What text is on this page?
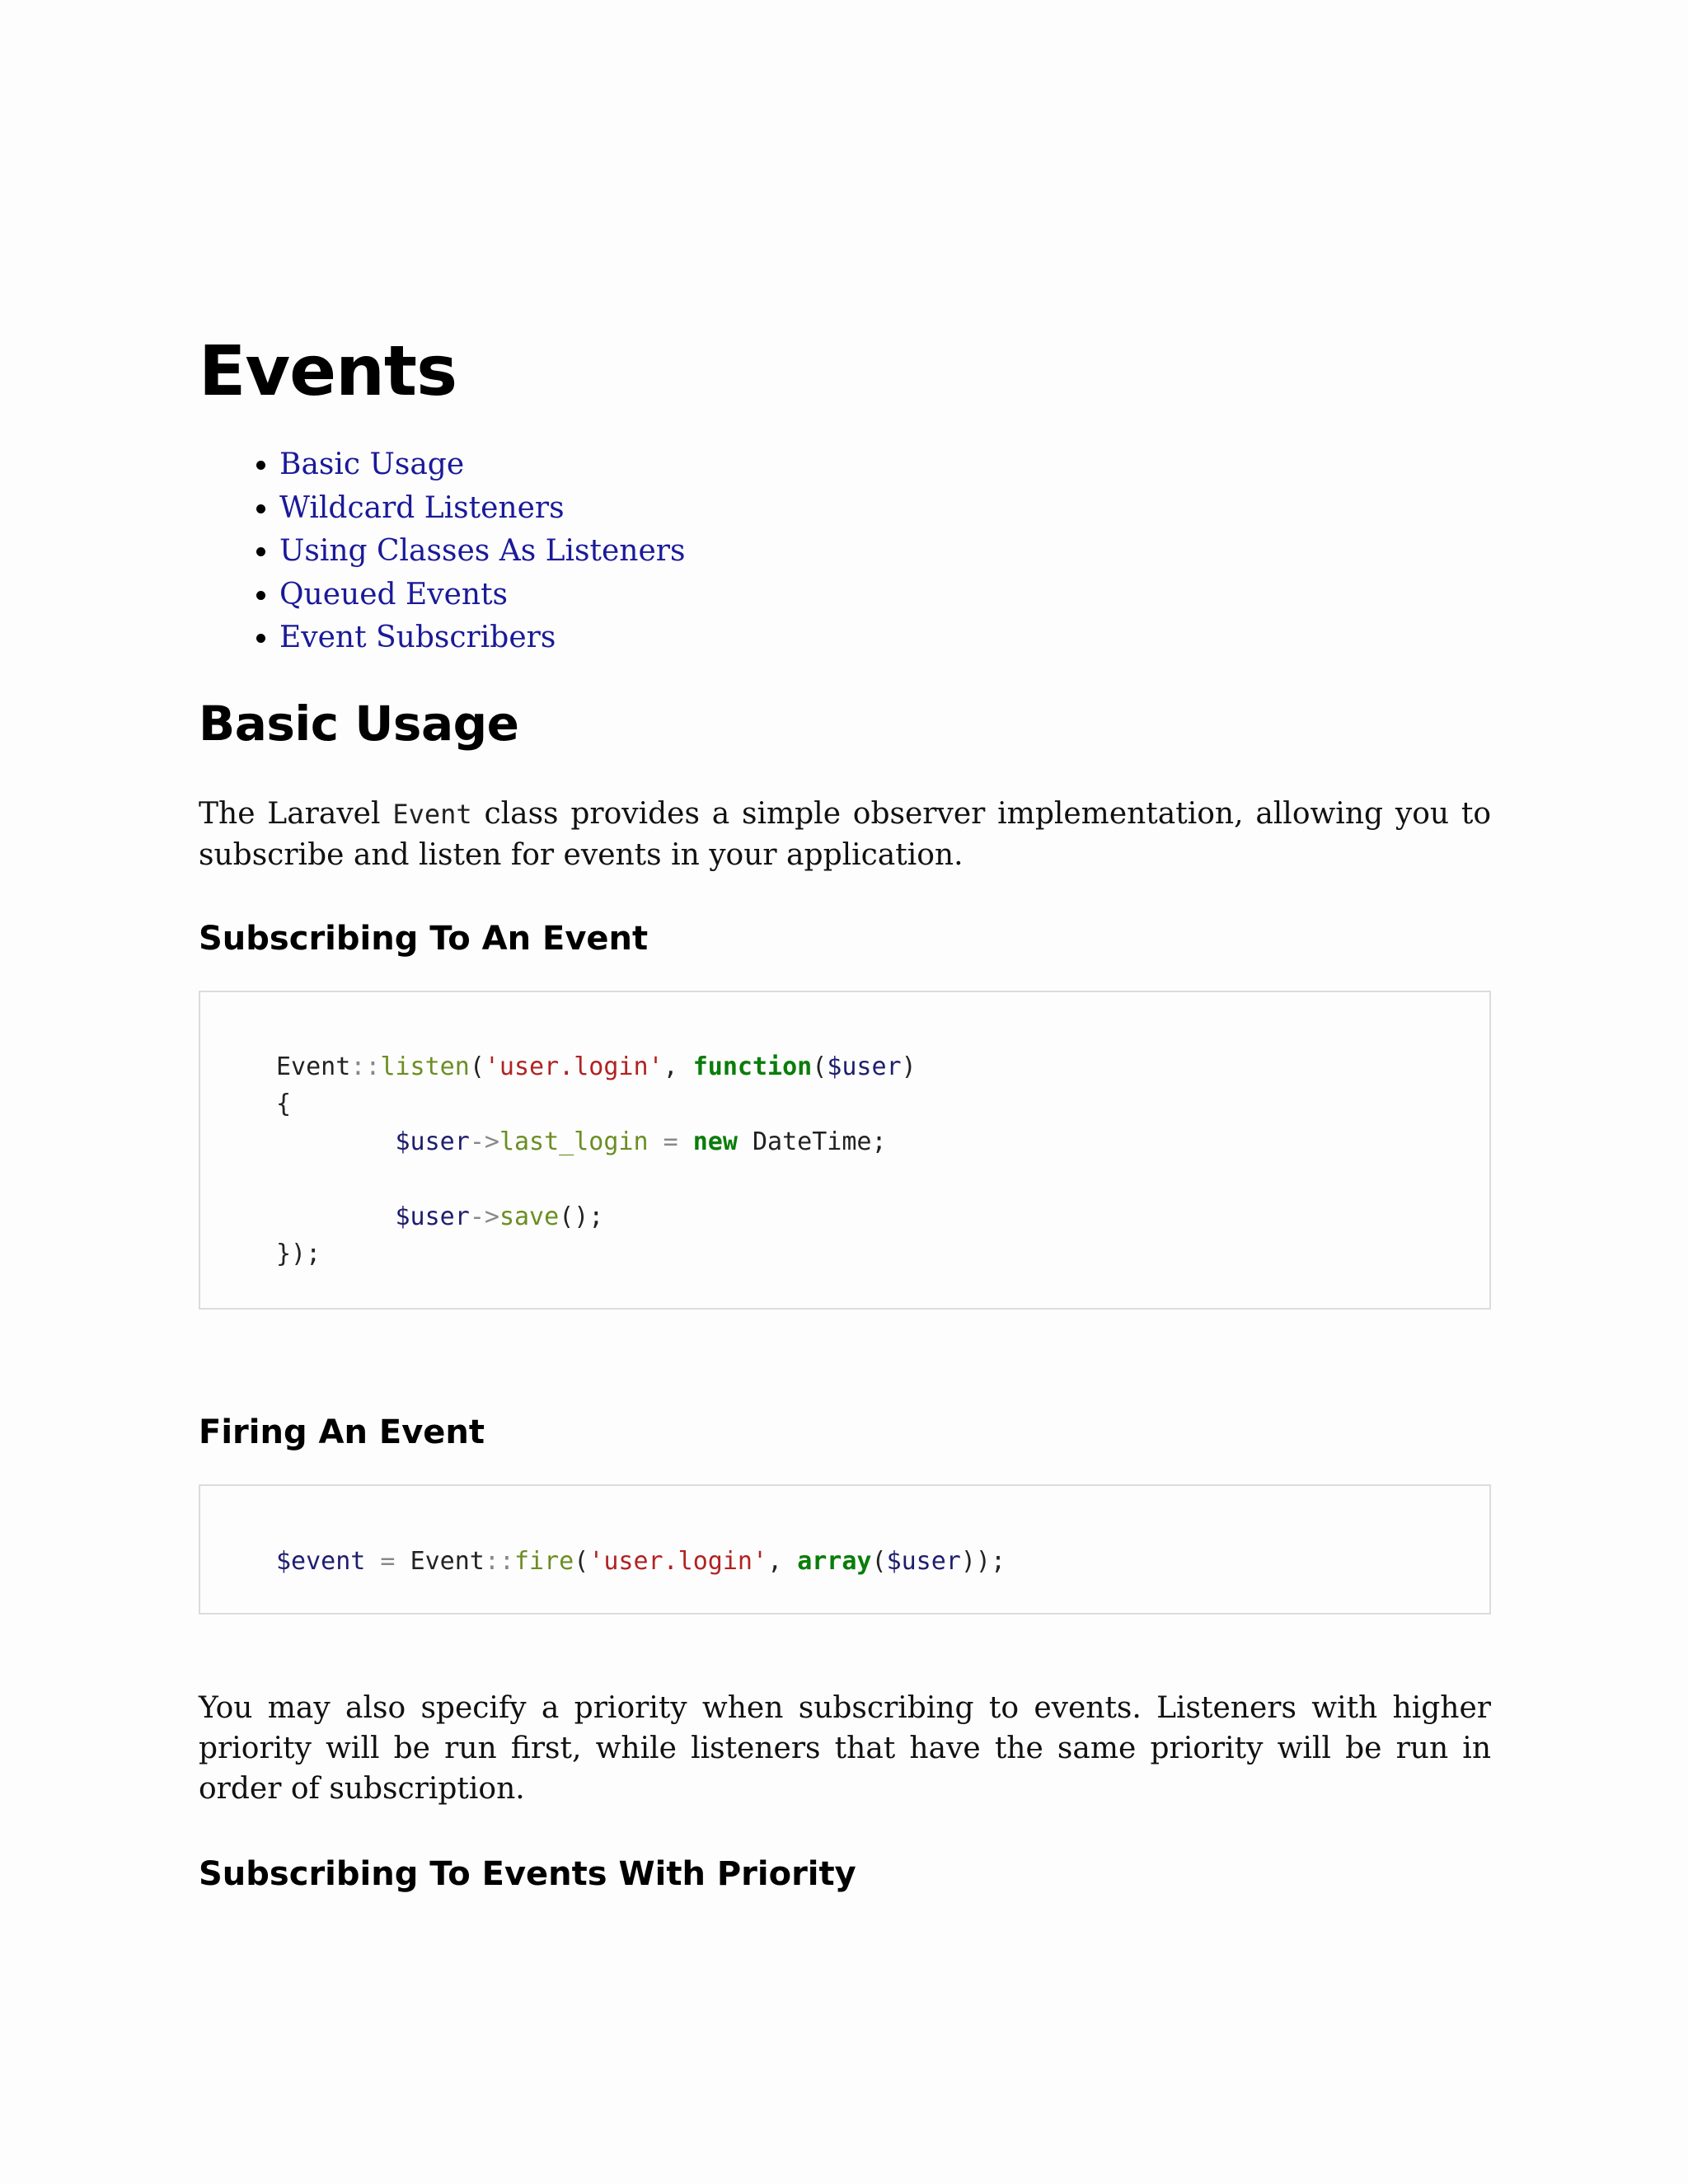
Events
• Basic Usage
• Wildcard Listeners
• Using Classes As Listeners
• Queued Events
• Event Subscribers
Basic Usage

The Laravel Event class provides a simple observer implementation, allowing you to subscribe and listen for events in your application.

Subscribing To An Event
Event::listen('user.login', function($user)
{
$user->last_login = new DateTime;
$user->save();
});
Firing An Event
$event = Event::fire('user.login', array($user));

You may also specify a priority when subscribing to events. Listeners with higher priority will be run first, while listeners that have the same priority will be run in order of subscription.

Subscribing To Events With Priority
